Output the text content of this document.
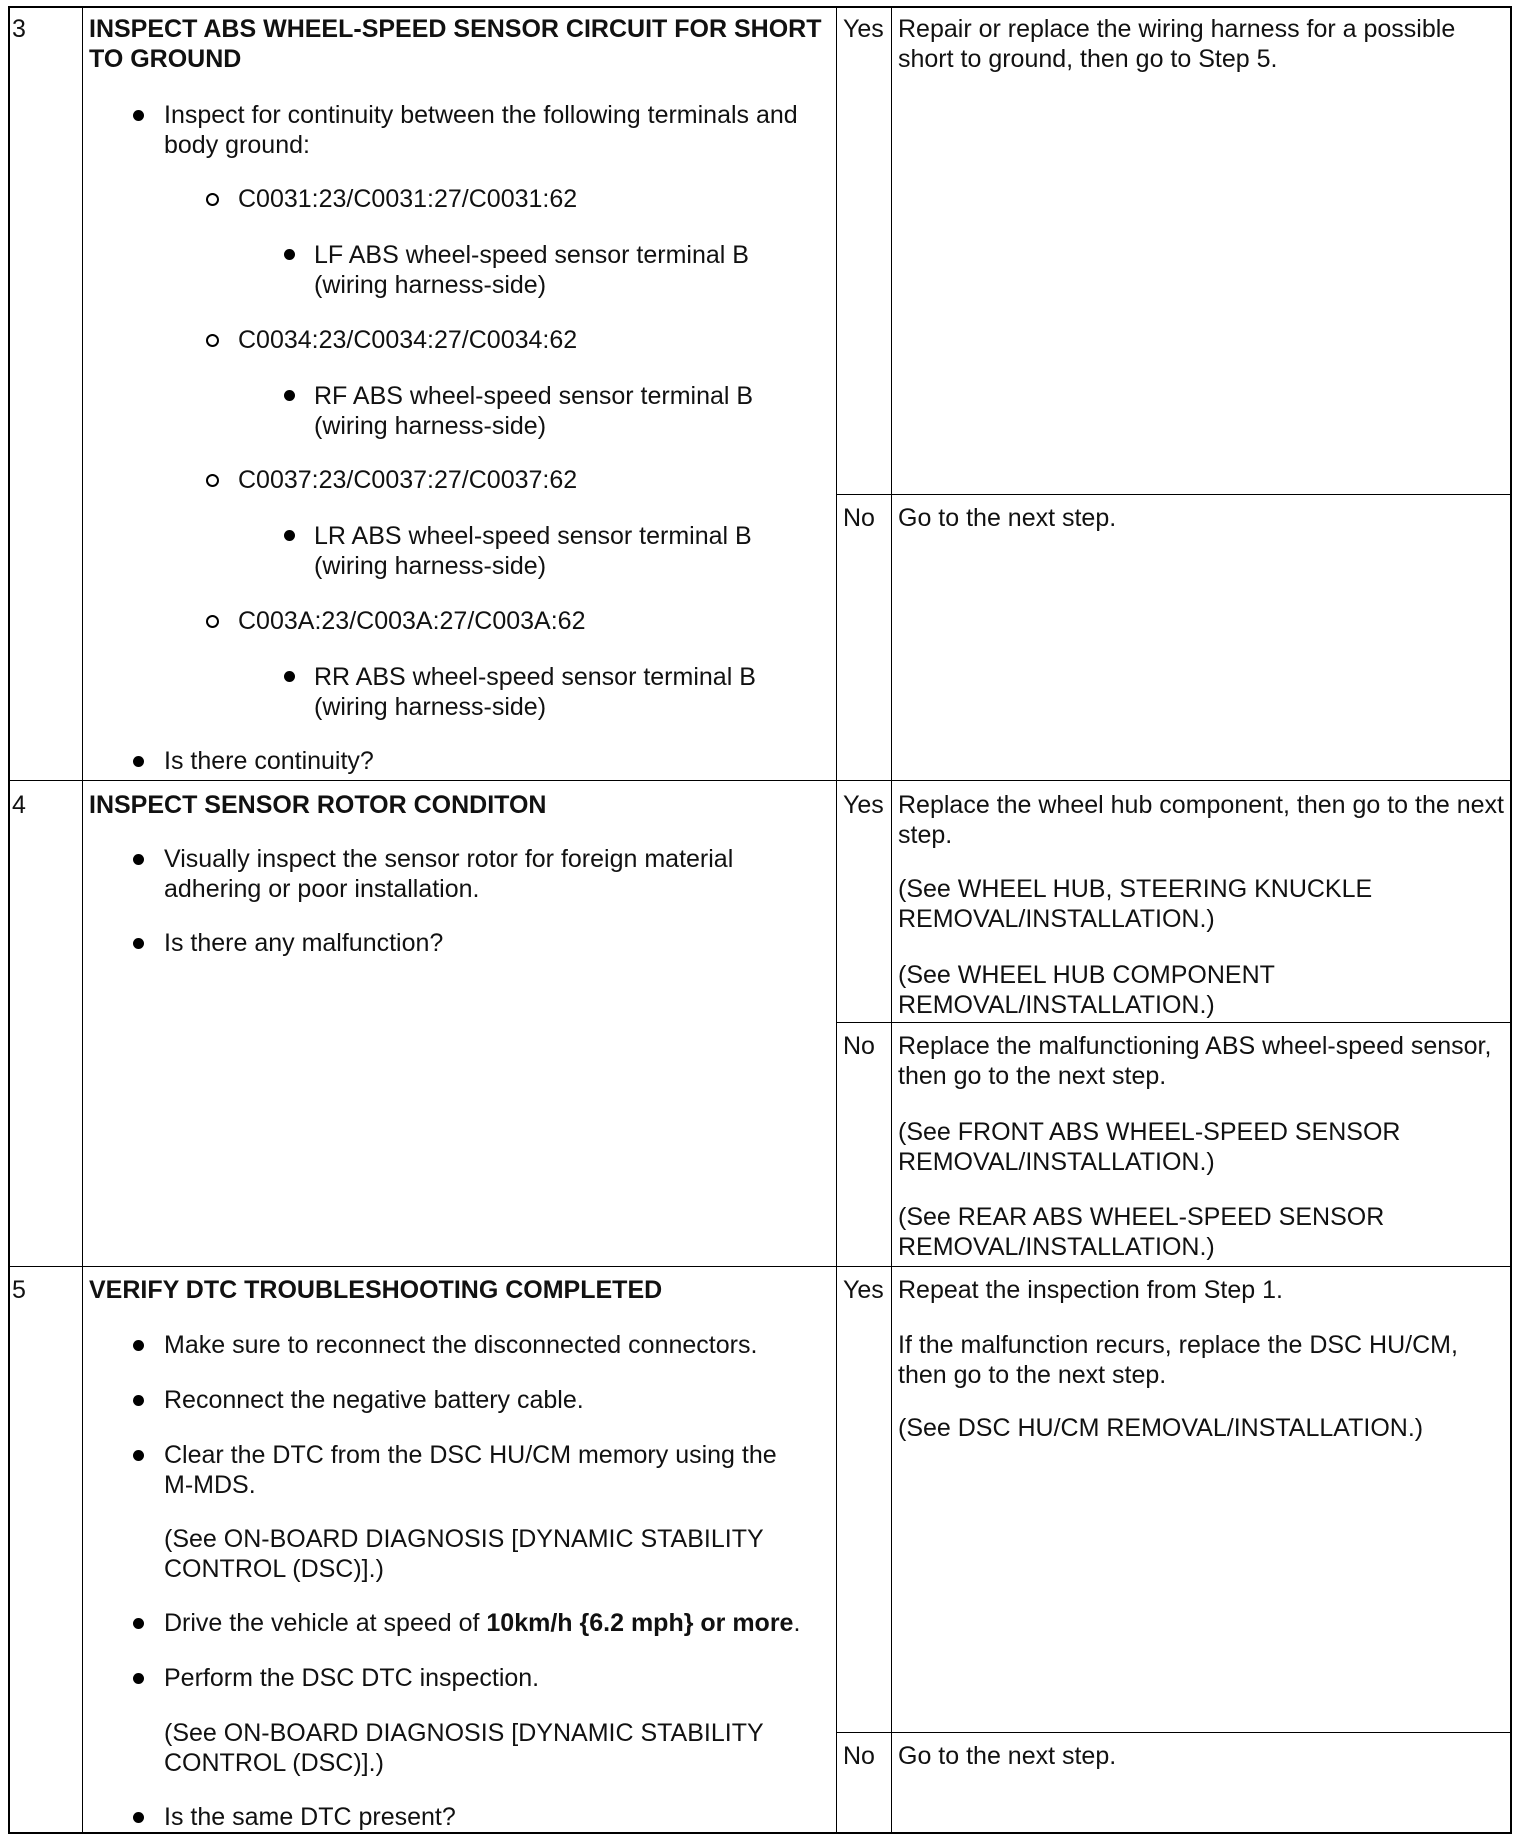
3	INSPECT ABS WHEEL-SPEED SENSOR CIRCUIT FOR SHORT TO GROUND
Inspect for continuity between the following terminals and body ground:
C0031:23/C0031:27/C0031:62
LF ABS wheel-speed sensor terminal B (wiring harness-side)
C0034:23/C0034:27/C0034:62
RF ABS wheel-speed sensor terminal B (wiring harness-side)
C0037:23/C0037:27/C0037:62
LR ABS wheel-speed sensor terminal B (wiring harness-side)
C003A:23/C003A:27/C003A:62
RR ABS wheel-speed sensor terminal B (wiring harness-side)
Is there continuity?
Yes Repair or replace the wiring harness for a possible short to ground, then go to Step 5.
No Go to the next step.
4	INSPECT SENSOR ROTOR CONDITON
Visually inspect the sensor rotor for foreign material adhering or poor installation.
Is there any malfunction?
Yes Replace the wheel hub component, then go to the next step.
(See WHEEL HUB, STEERING KNUCKLE REMOVAL/INSTALLATION.)
(See WHEEL HUB COMPONENT REMOVAL/INSTALLATION.)
No Replace the malfunctioning ABS wheel-speed sensor, then go to the next step.
(See FRONT ABS WHEEL-SPEED SENSOR REMOVAL/INSTALLATION.)
(See REAR ABS WHEEL-SPEED SENSOR REMOVAL/INSTALLATION.)
5	VERIFY DTC TROUBLESHOOTING COMPLETED
Make sure to reconnect the disconnected connectors.
Reconnect the negative battery cable.
Clear the DTC from the DSC HU/CM memory using the M-MDS.
(See ON-BOARD DIAGNOSIS [DYNAMIC STABILITY CONTROL (DSC)].)
Drive the vehicle at speed of 10km/h {6.2 mph} or more.
Perform the DSC DTC inspection.
(See ON-BOARD DIAGNOSIS [DYNAMIC STABILITY CONTROL (DSC)].)
Is the same DTC present?
Yes Repeat the inspection from Step 1.
If the malfunction recurs, replace the DSC HU/CM, then go to the next step.
(See DSC HU/CM REMOVAL/INSTALLATION.)
No Go to the next step.
